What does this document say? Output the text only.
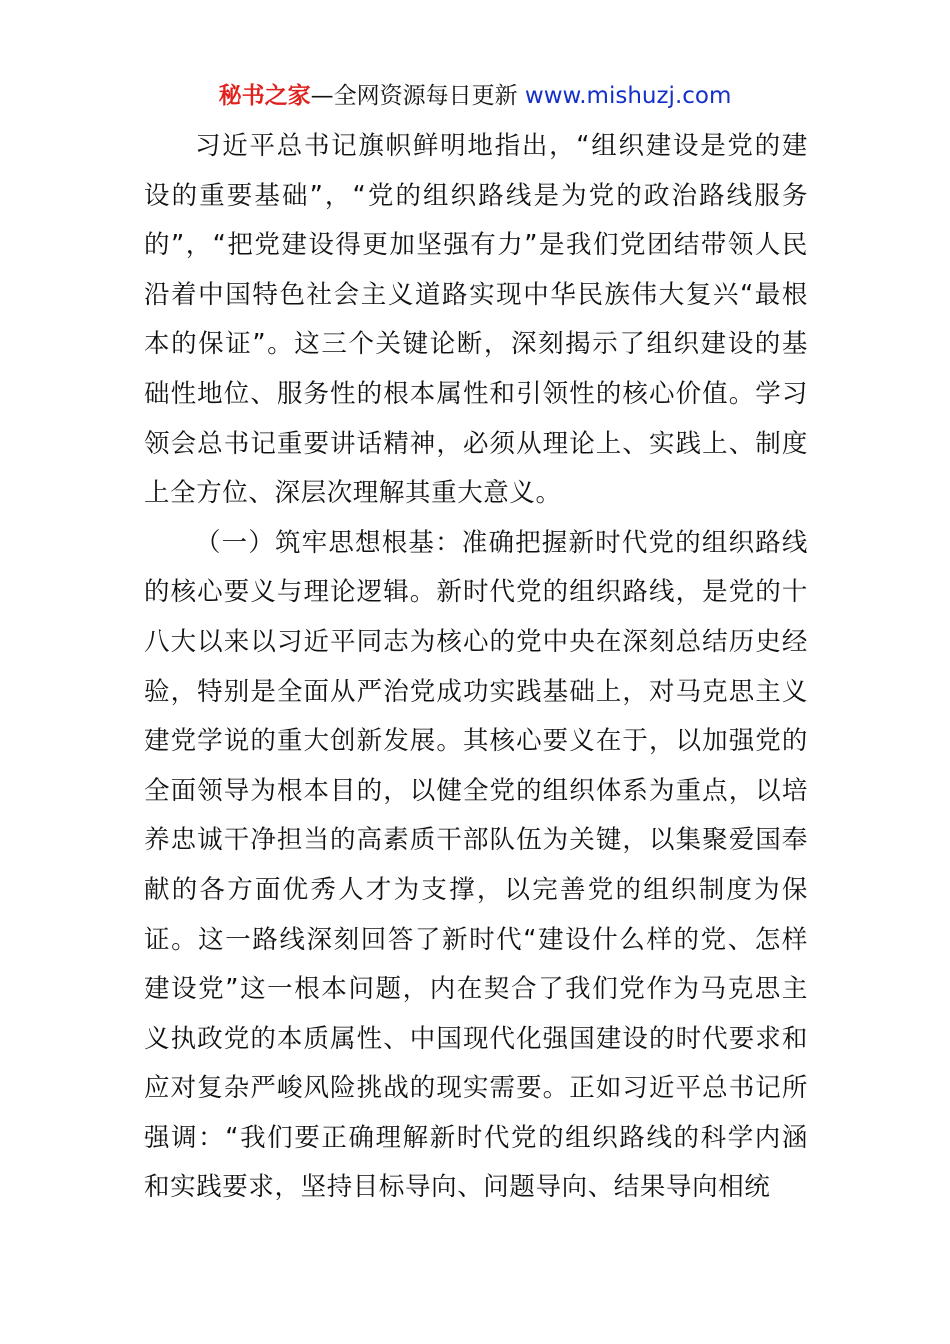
秘书之家—全网资源每日更新 www.mishuzj.com

习近平总书记旗帜鲜明地指出，“组织建设是党的建设的重要基础”，“党的组织路线是为党的政治路线服务的”，“把党建设得更加坚强有力”是我们党团结带领人民沿着中国特色社会主义道路实现中华民族伟大复兴“最根本的保证”。这三个关键论断，深刻揭示了组织建设的基础性地位、服务性的根本属性和引领性的核心价值。学习领会总书记重要讲话精神，必须从理论上、实践上、制度上全方位、深层次理解其重大意义。

（一）筑牢思想根基：准确把握新时代党的组织路线的核心要义与理论逻辑。新时代党的组织路线，是党的十八大以来以习近平同志为核心的党中央在深刻总结历史经验，特别是全面从严治党成功实践基础上，对马克思主义建党学说的重大创新发展。其核心要义在于，以加强党的全面领导为根本目的，以健全党的组织体系为重点，以培养忠诚干净担当的高素质干部队伍为关键，以集聚爱国奉献的各方面优秀人才为支撑，以完善党的组织制度为保证。这一路线深刻回答了新时代“建设什么样的党、怎样建设党”这一根本问题，内在契合了我们党作为马克思主义执政党的本质属性、中国现代化强国建设的时代要求和应对复杂严峻风险挑战的现实需要。正如习近平总书记所强调：“我们要正确理解新时代党的组织路线的科学内涵和实践要求，坚持目标导向、问题导向、结果导向相统
